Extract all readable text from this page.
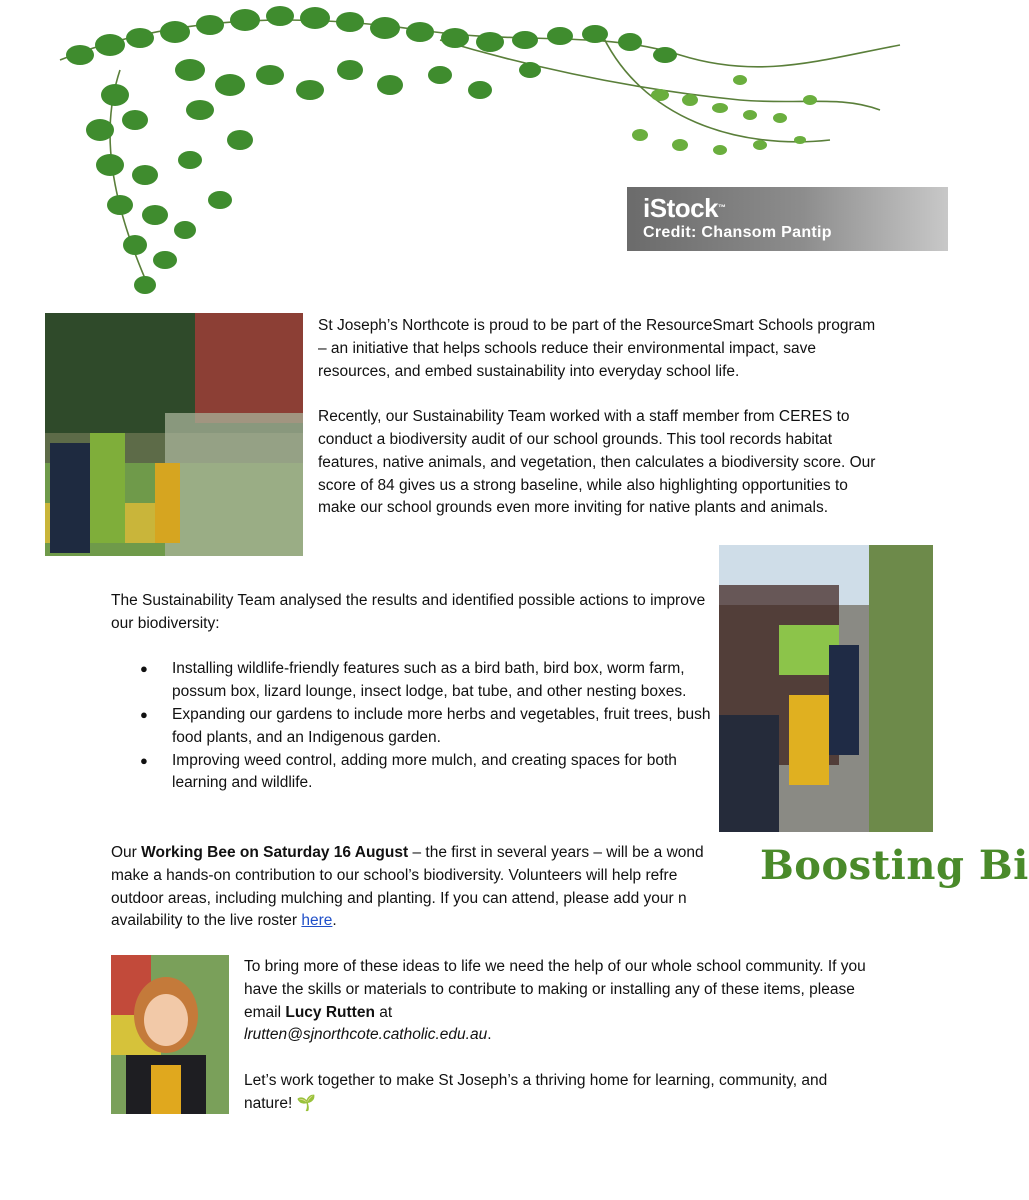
iStock™
Credit: Chansom Pantip

St Joseph’s Northcote is proud to be part of the ResourceSmart Schools program – an initiative that helps schools reduce their environmental impact, save resources, and embed sustainability into everyday school life.

Recently, our Sustainability Team worked with a staff member from CERES to conduct a biodiversity audit of our school grounds. This tool records habitat features, native animals, and vegetation, then calculates a biodiversity score. Our score of 84 gives us a strong baseline, while also highlighting opportunities to make our school grounds even more inviting for native plants and animals.

The Sustainability Team analysed the results and identified possible actions to improve our biodiversity:

● Installing wildlife-friendly features such as a bird bath, bird box, worm farm, possum box, lizard lounge, insect lodge, bat tube, and other nesting boxes.
● Expanding our gardens to include more herbs and vegetables, fruit trees, bush food plants, and an Indigenous garden.
● Improving weed control, adding more mulch, and creating spaces for both learning and wildlife.
Our Working Bee on Saturday 16 August – the first in several years – will be a wond
make a hands-on contribution to our school’s biodiversity. Volunteers will help refre
outdoor areas, including mulching and planting. If you can attend, please add your n
availability to the live roster here.
Boosting Bi

To bring more of these ideas to life we need the help of our whole school community. If you have the skills or materials to contribute to making or installing any of these items, please email Lucy Rutten at
lrutten@sjnorthcote.catholic.edu.au.

Let’s work together to make St Joseph’s a thriving home for learning, community, and nature! 🌱
